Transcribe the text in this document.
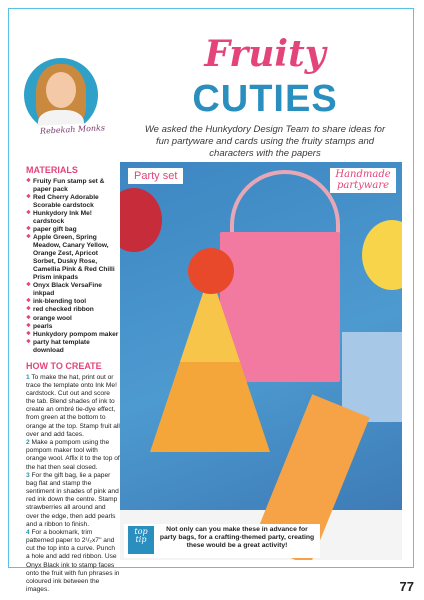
Rebekah Monks
Fruity
CUTIES
We asked the Hunkydory Design Team to share ideas for fun partyware and cards using the fruity stamps and characters with the papers
MATERIALS
❖ Fruity Fun stamp set & paper pack
❖ Red Cherry Adorable Scorable cardstock
❖ Hunkydory Ink Me! cardstock
❖ paper gift bag
❖ Apple Green, Spring Meadow, Canary Yellow, Orange Zest, Apricot Sorbet, Dusky Rose, Camellia Pink & Red Chilli Prism inkpads
❖ Onyx Black VersaFine inkpad
❖ ink-blending tool
❖ red checked ribbon
❖ orange wool
❖ pearls
❖ Hunkydory pompom maker
❖ party hat template download
HOW TO CREATE
1 To make the hat, print out or trace the template onto Ink Me! cardstock. Cut out and score the tab. Blend shades of ink to create an ombré tie-dye effect, from green at the bottom to orange at the top. Stamp fruit all over and add faces.
2 Make a pompom using the pompom maker tool with orange wool. Affix it to the top of the hat then seal closed.
3 For the gift bag, lie a paper bag flat and stamp the sentiment in shades of pink and red ink down the centre. Stamp strawberries all around and over the edge, then add pearls and a ribbon to finish.
4 For a bookmark, trim patterned paper to 2¹/₂x7'' and cut the top into a curve. Punch a hole and add red ribbon. Use Onyx Black ink to stamp faces onto the fruit with fun phrases in coloured ink between the images.
Party set	Handmade partyware
top
tip
Not only can you make these in advance for party bags, for a crafting-themed party, creating these would be a great activity!
77
